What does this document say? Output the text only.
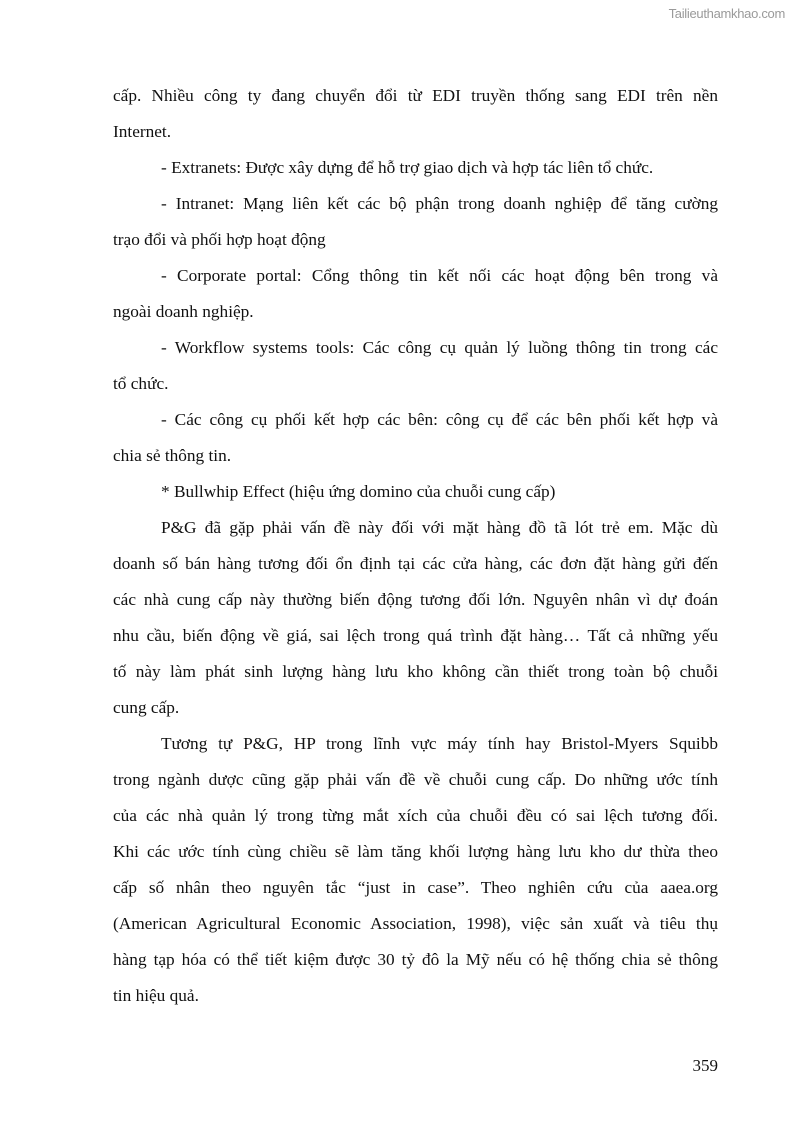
Tailieuthamkhao.com
cấp. Nhiều công ty đang chuyển đổi từ EDI truyền thống sang EDI trên nền
Internet.
- Extranets: Được xây dựng để hỗ trợ giao dịch và hợp tác liên tổ chức.
- Intranet: Mạng liên kết các bộ phận trong doanh nghiệp để tăng cường
trạo đổi và phối hợp hoạt động
- Corporate portal: Cổng thông tin kết nối các hoạt động bên trong và
ngoài doanh nghiệp.
- Workflow systems tools: Các công cụ quản lý luồng thông tin trong các
tổ chức.
- Các công cụ phối kết hợp các bên: công cụ để các bên phối kết hợp và
chia sẻ thông tin.
* Bullwhip Effect (hiệu ứng domino của chuỗi cung cấp)
P&G đã gặp phải vấn đề này đối với mặt hàng đồ tã lót trẻ em. Mặc dù
doanh số bán hàng tương đối ổn định tại các cửa hàng, các đơn đặt hàng gửi đến
các nhà cung cấp này thường biến động tương đối lớn. Nguyên nhân vì dự đoán
nhu cầu, biến động về giá, sai lệch trong quá trình đặt hàng… Tất cả những yếu
tố này làm phát sinh lượng hàng lưu kho không cần thiết trong toàn bộ chuỗi
cung cấp.
Tương tự P&G, HP trong lĩnh vực máy tính hay Bristol-Myers Squibb
trong ngành dược cũng gặp phải vấn đề về chuỗi cung cấp. Do những ước tính
của các nhà quản lý trong từng mắt xích của chuỗi đều có sai lệch tương đối.
Khi các ước tính cùng chiều sẽ làm tăng khối lượng hàng lưu kho dư thừa theo
cấp số nhân theo nguyên tắc “just in case”. Theo nghiên cứu của aaea.org
(American Agricultural Economic Association, 1998), việc sản xuất và tiêu thụ
hàng tạp hóa có thể tiết kiệm được 30 tỷ đô la Mỹ nếu có hệ thống chia sẻ thông
tin hiệu quả.
359
